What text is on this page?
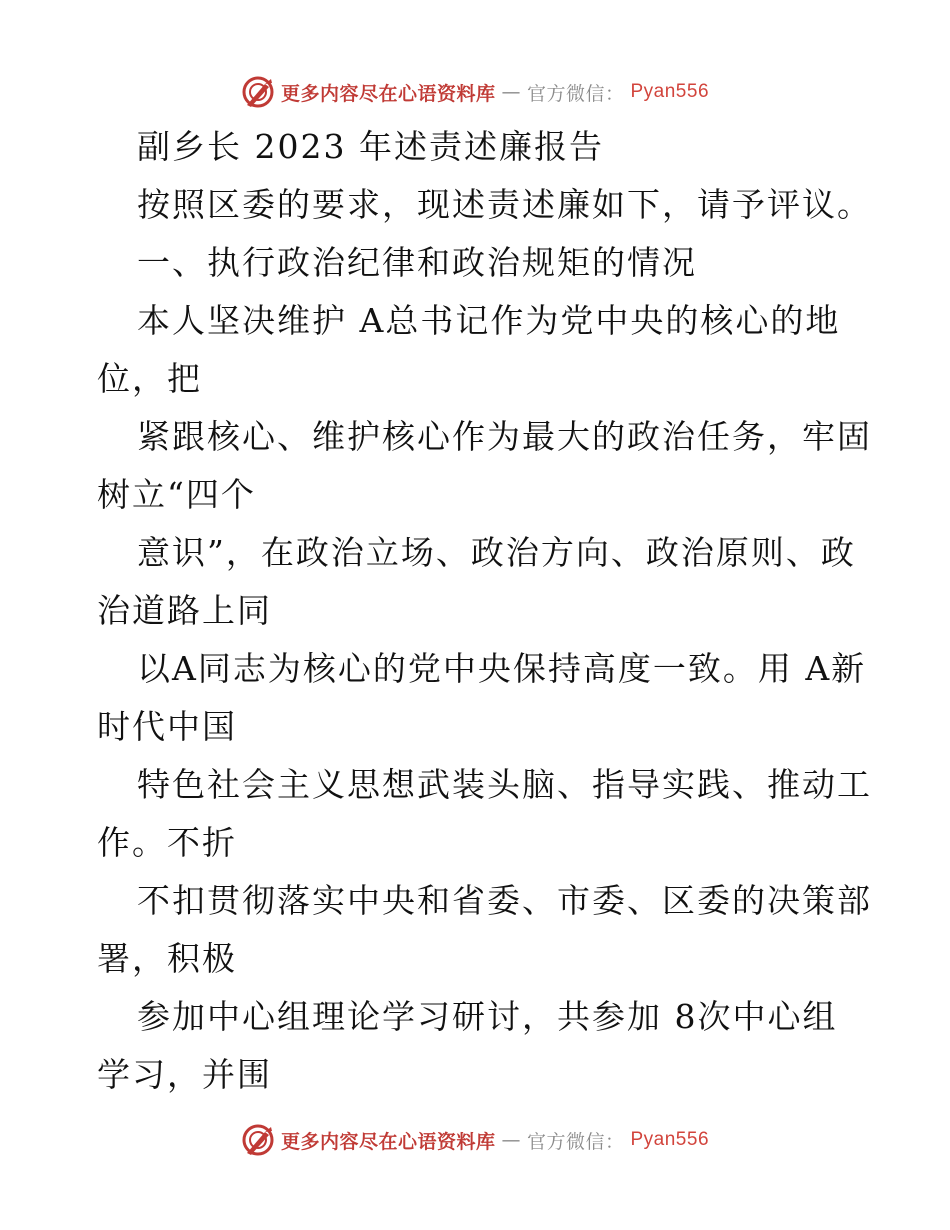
更多内容尽在心语资料库 — 官方微信： Pyan556
副乡长 2023 年述责述廉报告
按照区委的要求，现述责述廉如下，请予评议。
一、执行政治纪律和政治规矩的情况
本人坚决维护 A总书记作为党中央的核心的地
位，把
紧跟核心、维护核心作为最大的政治任务，牢固
树立“四个
意识”，在政治立场、政治方向、政治原则、政
治道路上同
以A同志为核心的党中央保持高度一致。用 A新
时代中国
特色社会主义思想武装头脑、指导实践、推动工
作。不折
不扣贯彻落实中央和省委、市委、区委的决策部
署，积极
参加中心组理论学习研讨，共参加 8次中心组
学习，并围
更多内容尽在心语资料库 — 官方微信： Pyan556
